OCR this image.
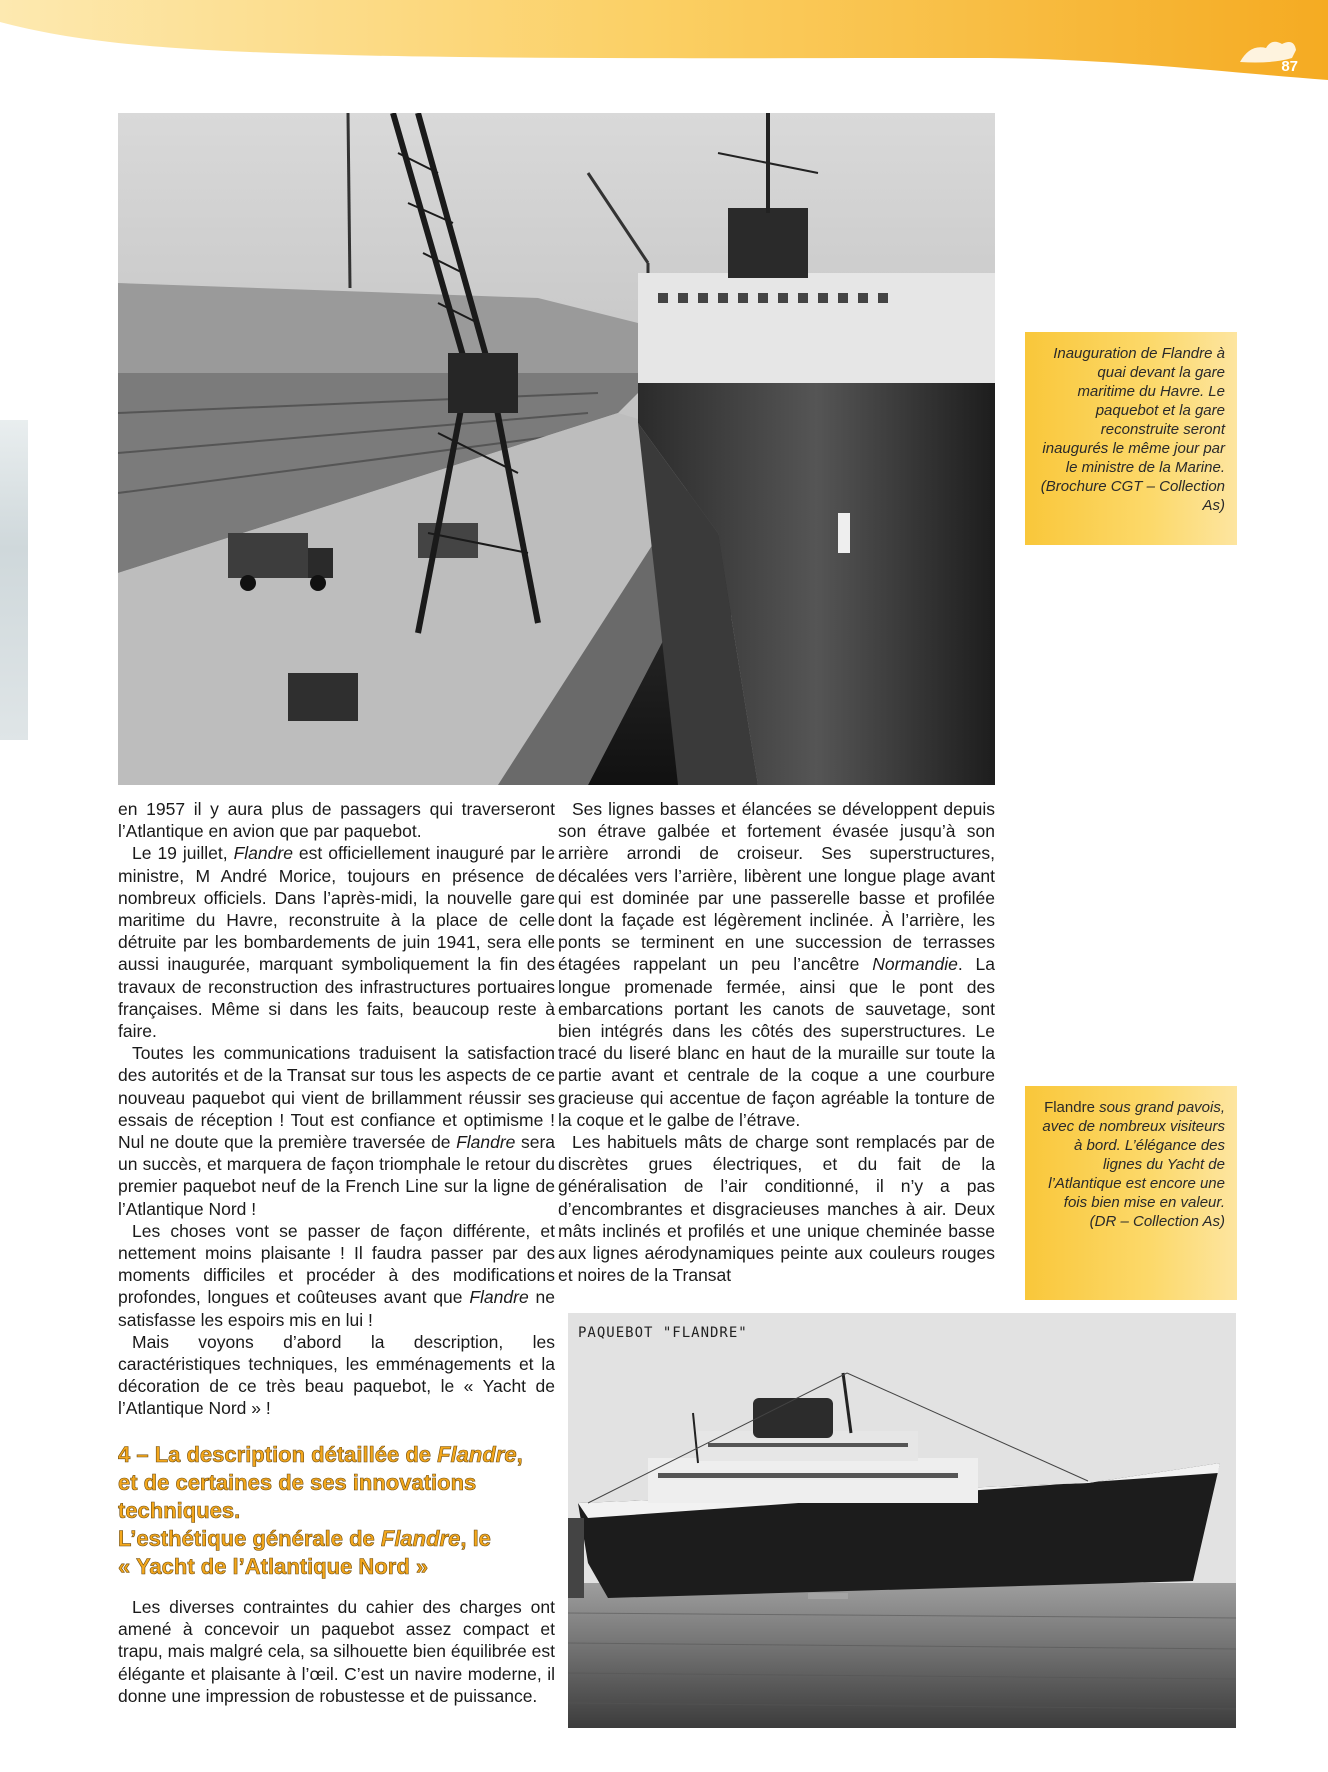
87
Inauguration de Flandre à quai devant la gare maritime du Havre. Le paquebot et la gare reconstruite seront inaugurés le même jour par le ministre de la Marine. (Brochure CGT – Collection As)

en 1957 il y aura plus de passagers qui traverseront l’Atlantique en avion que par paquebot.

Le 19 juillet, Flandre est officiellement inauguré par le ministre, M André Morice, toujours en présence de nombreux officiels. Dans l’après-midi, la nouvelle gare maritime du Havre, reconstruite à la place de celle détruite par les bombardements de juin 1941, sera elle aussi inaugurée, marquant symboliquement la fin des travaux de reconstruction des infrastructures portuaires françaises. Même si dans les faits, beaucoup reste à faire.

Toutes les communications traduisent la satisfaction des autorités et de la Transat sur tous les aspects de ce nouveau paquebot qui vient de brillamment réussir ses essais de réception ! Tout est confiance et optimisme ! Nul ne doute que la première traversée de Flandre sera un succès, et marquera de façon triomphale le retour du premier paquebot neuf de la French Line sur la ligne de l’Atlantique Nord !

Les choses vont se passer de façon différente, et nettement moins plaisante ! Il faudra passer par des moments difficiles et procéder à des modifications profondes, longues et coûteuses avant que Flandre ne satisfasse les espoirs mis en lui !

Mais voyons d’abord la description, les caractéristiques techniques, les emménagements et la décoration de ce très beau paquebot, le « Yacht de l’Atlantique Nord » !

Ses lignes basses et élancées se développent depuis son étrave galbée et fortement évasée jusqu’à son arrière arrondi de croiseur. Ses superstructures, décalées vers l’arrière, libèrent une longue plage avant qui est dominée par une passerelle basse et profilée dont la façade est légèrement inclinée. À l’arrière, les ponts se terminent en une succession de terrasses étagées rappelant un peu l’ancêtre Normandie. La longue promenade fermée, ainsi que le pont des embarcations portant les canots de sauvetage, sont bien intégrés dans les côtés des superstructures. Le tracé du liseré blanc en haut de la muraille sur toute la partie avant et centrale de la coque a une courbure gracieuse qui accentue de façon agréable la tonture de la coque et le galbe de l’étrave.

Les habituels mâts de charge sont remplacés par de discrètes grues électriques, et du fait de la généralisation de l’air conditionné, il n’y a pas d’encombrantes et disgracieuses manches à air. Deux mâts inclinés et profilés et une unique cheminée basse aux lignes aérodynamiques peinte aux couleurs rouges et noires de la Transat

Flandre sous grand pavois, avec de nombreux visiteurs à bord. L’élégance des lignes du Yacht de l’Atlantique est encore une fois bien mise en valeur. (DR – Collection As)
4 – La description détaillée de Flandre,
et de certaines de ses innovations techniques.
L’esthétique générale de Flandre, le
« Yacht de l’Atlantique Nord »

Les diverses contraintes du cahier des charges ont amené à concevoir un paquebot assez compact et trapu, mais malgré cela, sa silhouette bien équilibrée est élégante et plaisante à l’œil. C’est un navire moderne, il donne une impression de robustesse et de puissance.

PAQUEBOT "FLANDRE"
